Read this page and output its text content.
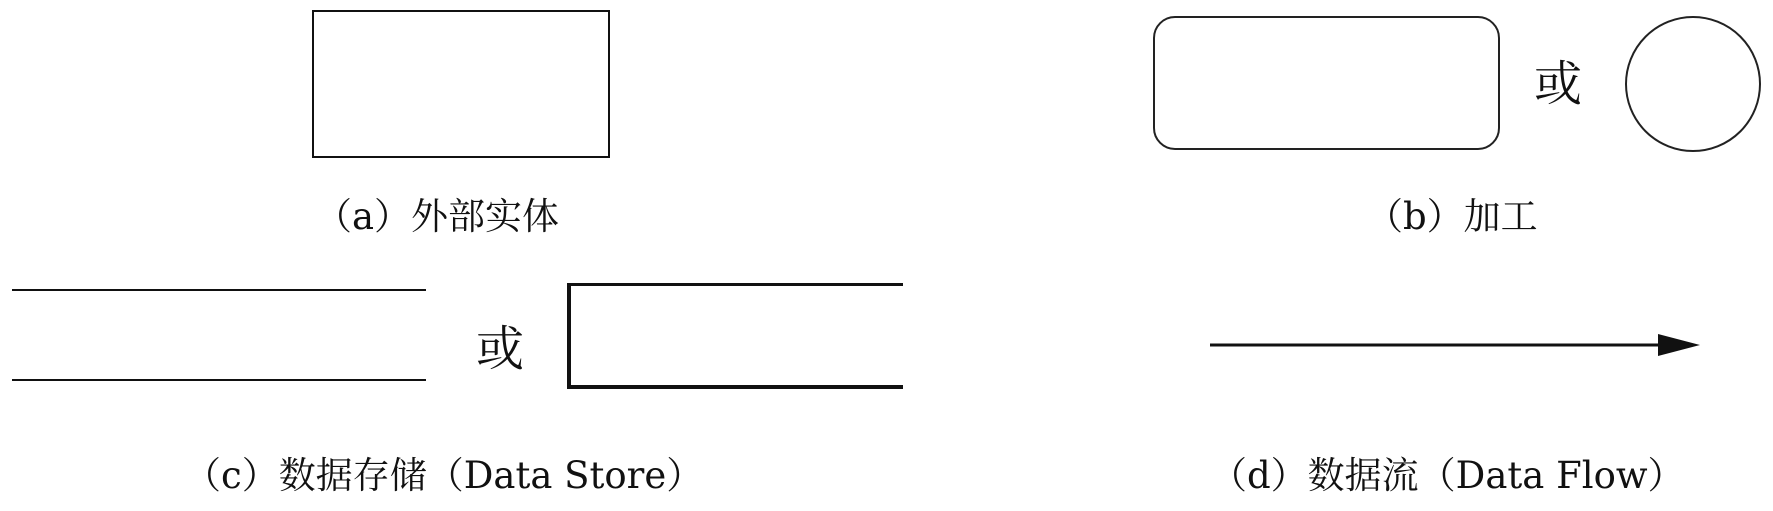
（a）外部实体
或
（b）加工
或
（c）数据存储（Data Store）	（d）数据流（Data Flow）
